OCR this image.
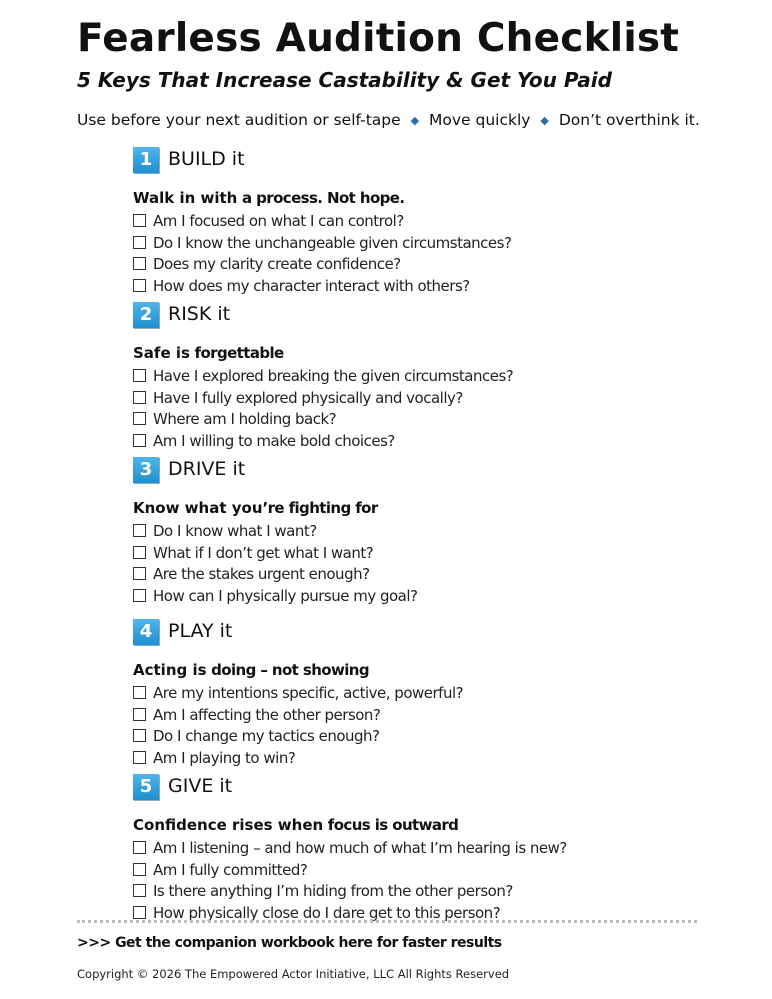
Fearless Audition Checklist
5 Keys That Increase Castability & Get You Paid
Use before your next audition or self-tape ◆ Move quickly ◆ Don’t overthink it.
1 BUILD it
Walk in with a process. Not hope.
Am I focused on what I can control?
Do I know the unchangeable given circumstances?
Does my clarity create confidence?
How does my character interact with others?
2 RISK it
Safe is forgettable
Have I explored breaking the given circumstances?
Have I fully explored physically and vocally?
Where am I holding back?
Am I willing to make bold choices?
3 DRIVE it
Know what you’re fighting for
Do I know what I want?
What if I don’t get what I want?
Are the stakes urgent enough?
How can I physically pursue my goal?
4 PLAY it
Acting is doing – not showing
Are my intentions specific, active, powerful?
Am I affecting the other person?
Do I change my tactics enough?
Am I playing to win?
5 GIVE it
Confidence rises when focus is outward
Am I listening – and how much of what I’m hearing is new?
Am I fully committed?
Is there anything I’m hiding from the other person?
How physically close do I dare get to this person?
>>> Get the companion workbook here for faster results
Copyright © 2026 The Empowered Actor Initiative, LLC All Rights Reserved
